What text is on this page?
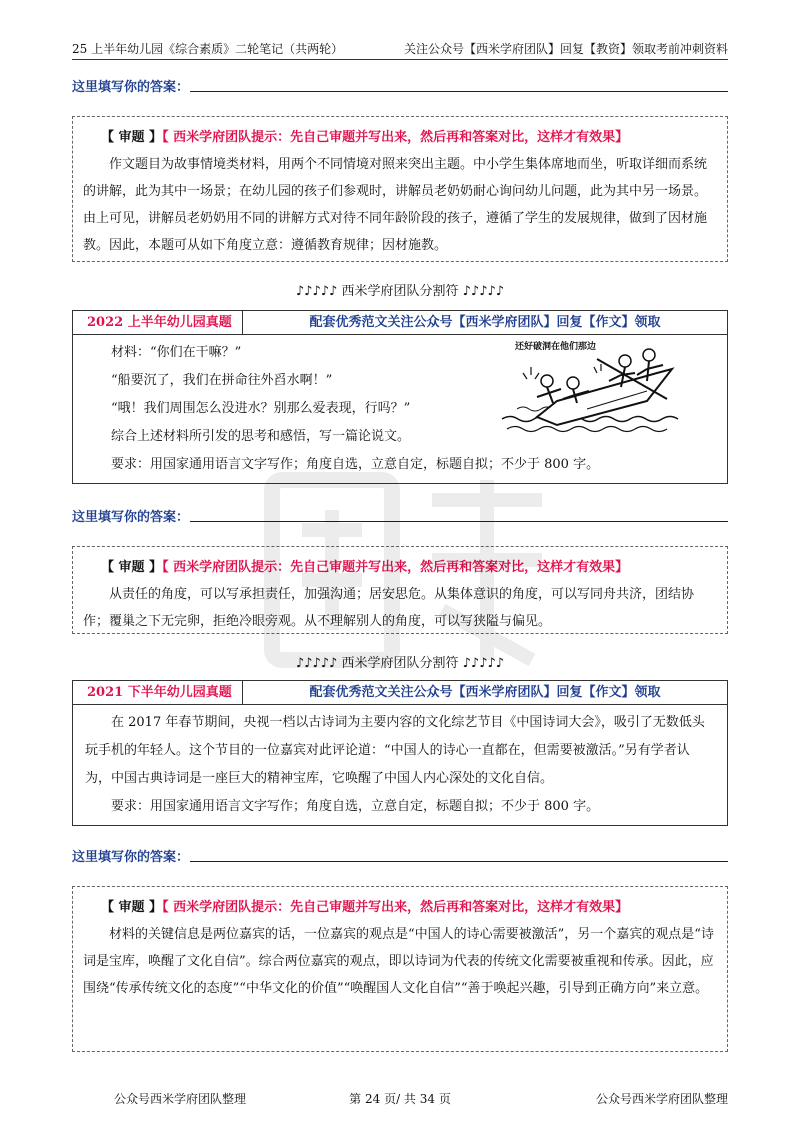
25 上半年幼儿园《综合素质》二轮笔记（共两轮）	关注公众号【西米学府团队】回复【教资】领取考前冲刺资料
这里填写你的答案：
【 审题 】【 西米学府团队提示：先自己审题并写出来，然后再和答案对比，这样才有效果】

作文题目为故事情境类材料，用两个不同情境对照来突出主题。中小学生集体席地而坐，听取详细而系统的讲解，此为其中一场景；在幼儿园的孩子们参观时，讲解员老奶奶耐心询问幼儿问题，此为其中另一场景。由上可见，讲解员老奶奶用不同的讲解方式对待不同年龄阶段的孩子，遵循了学生的发展规律，做到了因材施教。因此，本题可从如下角度立意：遵循教育规律；因材施教。

♪♪♪♪♪ 西米学府团队分割符 ♪♪♪♪♪
2022 上半年幼儿园真题	配套优秀范文关注公众号【西米学府团队】回复【作文】领取

材料：“你们在干嘛？”

“船要沉了，我们在拼命往外舀水啊！”

“哦！我们周围怎么没进水？别那么爱表现，行吗？”

综合上述材料所引发的思考和感悟，写一篇论说文。

要求：用国家通用语言文字写作；角度自选，立意自定，标题自拟；不少于 800 字。

还好破洞在他们那边
这里填写你的答案：
【 审题 】【 西米学府团队提示：先自己审题并写出来，然后再和答案对比，这样才有效果】

从责任的角度，可以写承担责任，加强沟通；居安思危。从集体意识的角度，可以写同舟共济，团结协作；覆巢之下无完卵，拒绝冷眼旁观。从不理解别人的角度，可以写狭隘与偏见。

♪♪♪♪♪ 西米学府团队分割符 ♪♪♪♪♪
2021 下半年幼儿园真题	配套优秀范文关注公众号【西米学府团队】回复【作文】领取

在 2017 年春节期间，央视一档以古诗词为主要内容的文化综艺节目《中国诗词大会》，吸引了无数低头玩手机的年轻人。这个节目的一位嘉宾对此评论道：“中国人的诗心一直都在，但需要被激活。”另有学者认为，中国古典诗词是一座巨大的精神宝库，它唤醒了中国人内心深处的文化自信。

要求：用国家通用语言文字写作；角度自选，立意自定，标题自拟；不少于 800 字。

这里填写你的答案：
【 审题 】【 西米学府团队提示：先自己审题并写出来，然后再和答案对比，这样才有效果】

材料的关键信息是两位嘉宾的话，一位嘉宾的观点是“中国人的诗心需要被激活”，另一个嘉宾的观点是“诗词是宝库，唤醒了文化自信”。综合两位嘉宾的观点，即以诗词为代表的传统文化需要被重视和传承。因此，应围绕“传承传统文化的态度”“中华文化的价值”“唤醒国人文化自信”“善于唤起兴趣，引导到正确方向”来立意。

公众号西米学府团队整理	第 24 页/ 共 34 页	公众号西米学府团队整理
